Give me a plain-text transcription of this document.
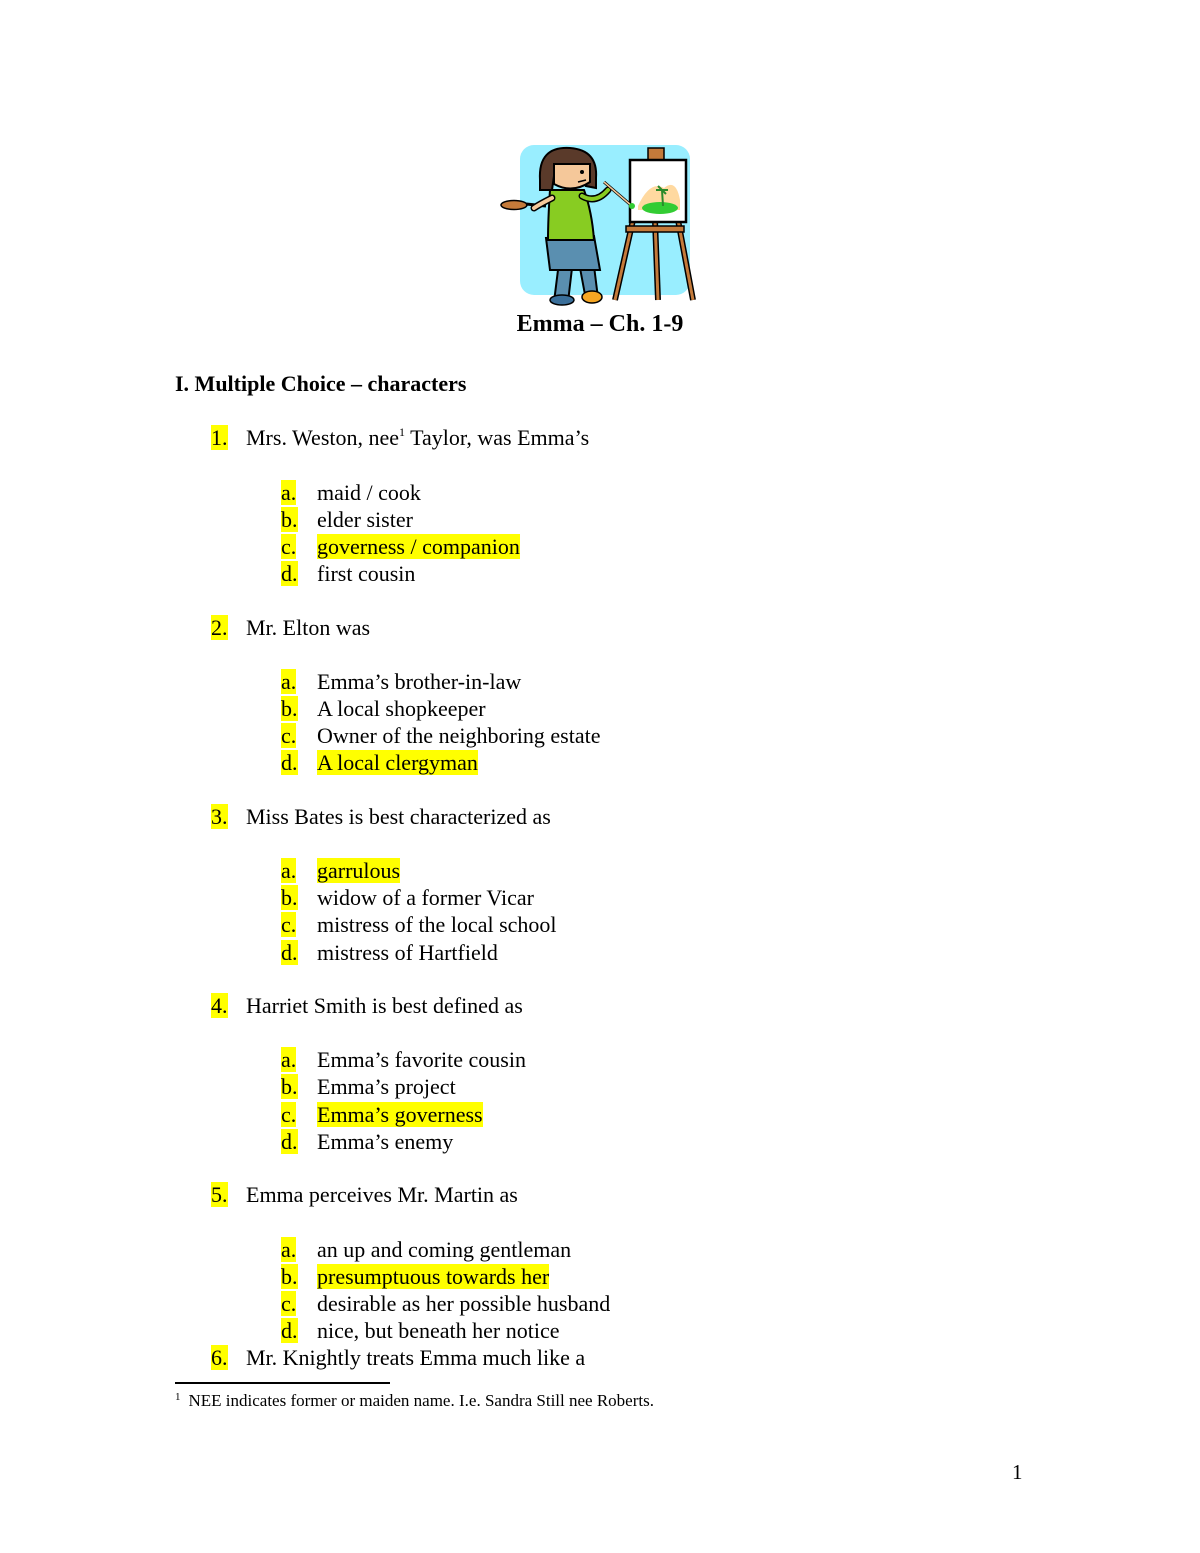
Emma – Ch. 1-9
I. Multiple Choice – characters
1. Mrs. Weston, nee$^1$ Taylor, was Emma’s
a. maid / cook
b. elder sister
c. governess / companion
d. first cousin
2. Mr. Elton was
a. Emma’s brother-in-law
b. A local shopkeeper
c. Owner of the neighboring estate
d. A local clergyman
3. Miss Bates is best characterized as
a. garrulous
b. widow of a former Vicar
c. mistress of the local school
d. mistress of Hartfield
4. Harriet Smith is best defined as
a. Emma’s favorite cousin
b. Emma’s project
c. Emma’s governess
d. Emma’s enemy
5. Emma perceives Mr. Martin as
a. an up and coming gentleman
b. presumptuous towards her
c. desirable as her possible husband
d. nice, but beneath her notice
6. Mr. Knightly treats Emma much like a
$^1$ NEE indicates former or maiden name. I.e. Sandra Still nee Roberts.
1
